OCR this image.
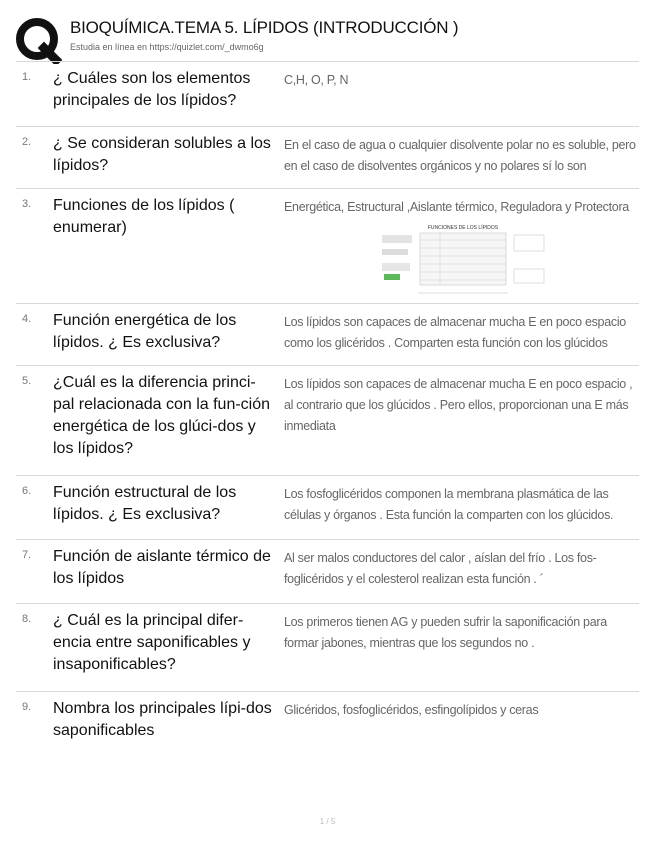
BIOQUÍMICA.TEMA 5. LÍPIDOS (INTRODUCCIÓN )
Estudia en línea en https://quizlet.com/_dwmo6g
1. ¿ Cuáles son los elementos principales de los lípidos?
C,H, O, P, N
2. ¿ Se consideran solubles a los lípidos?
En el caso de agua o cualquier disolvente polar no es soluble, pero en el caso de disolventes orgánicos y no polares sí lo son
3. Funciones de los lípidos ( enumerar)
Energética, Estructural ,Aislante térmico, Reguladora y Protectora
FUNCIONES DE LOS LÍPIDOS
4. Función energética de los lípidos. ¿ Es exclusiva?
Los lípidos son capaces de almacenar mucha E en poco espacio como los glicéridos . Comparten esta función con los glúcidos
5. ¿Cuál es la diferencia princi-pal relacionada con la fun-ción energética de los glúci-dos y los lípidos?
Los lípidos son capaces de almacenar mucha E en poco espacio , al contrario que los glúcidos . Pero ellos, proporcionan una E más inmediata
6. Función estructural de los lípidos. ¿ Es exclusiva?
Los fosfoglicéridos componen la membrana plasmática de las células y órganos . Esta función la comparten con los glúcidos.
7. Función de aislante térmico de los lípidos
Al ser malos conductores del calor , aíslan del frío . Los fos-foglicéridos y el colesterol realizan esta función . ´
8. ¿ Cuál es la principal difer-encia entre saponificables y insaponificables?
Los primeros tienen AG y pueden sufrir la saponificación para formar jabones, mientras que los segundos no .
9. Nombra los principales lípi-dos saponificables
Glicéridos, fosfoglicéridos, esfingolípidos y ceras
1 / 5
